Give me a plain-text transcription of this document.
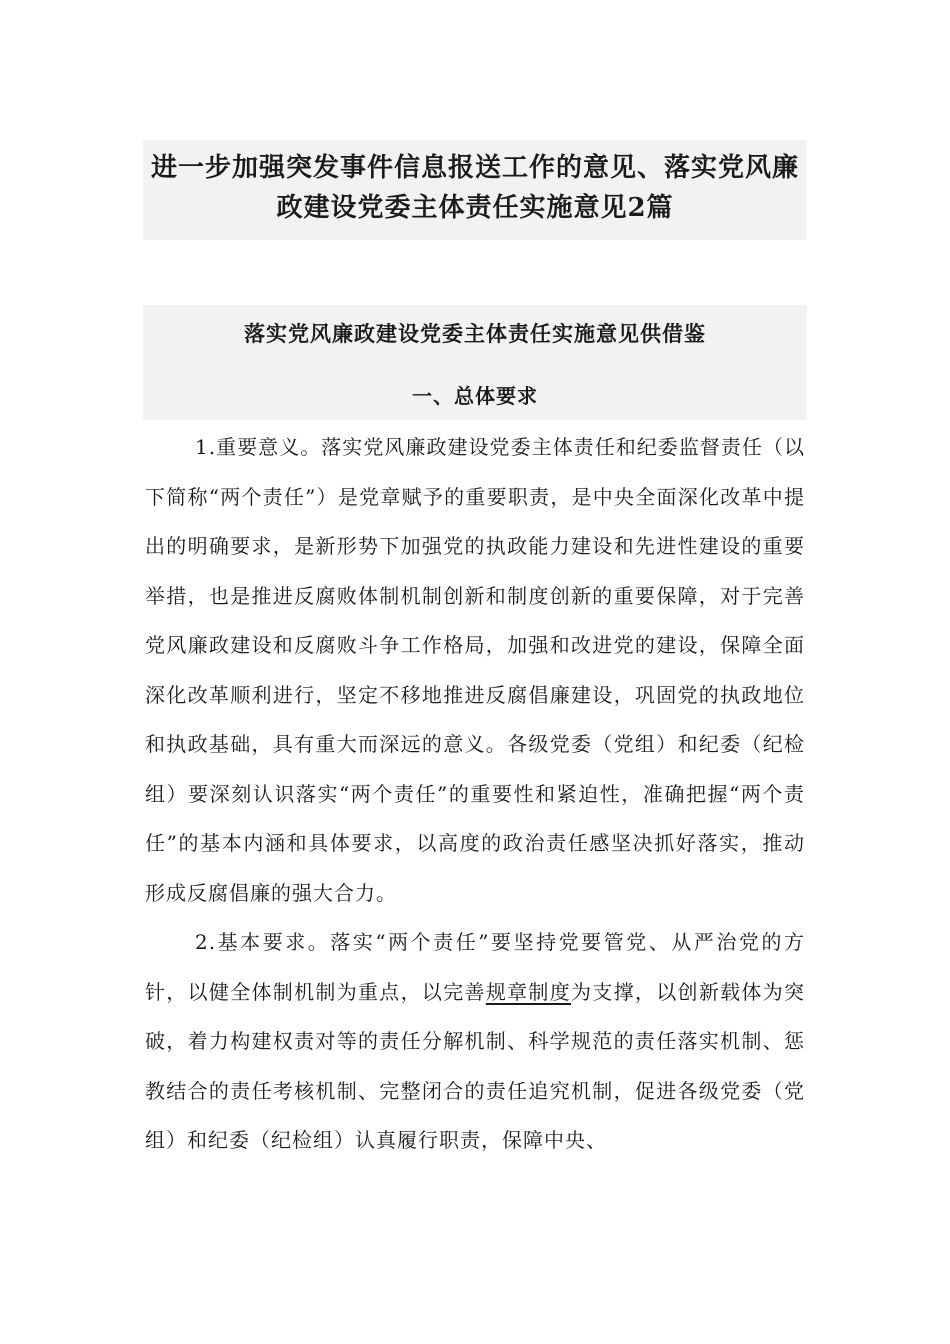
进一步加强突发事件信息报送工作的意见、落实党风廉政建设党委主体责任实施意见2篇
落实党风廉政建设党委主体责任实施意见供借鉴
一、总体要求

1.重要意义。落实党风廉政建设党委主体责任和纪委监督责任（以下简称“两个责任”）是党章赋予的重要职责，是中央全面深化改革中提出的明确要求，是新形势下加强党的执政能力建设和先进性建设的重要举措，也是推进反腐败体制机制创新和制度创新的重要保障，对于完善党风廉政建设和反腐败斗争工作格局，加强和改进党的建设，保障全面深化改革顺利进行，坚定不移地推进反腐倡廉建设，巩固党的执政地位和执政基础，具有重大而深远的意义。各级党委（党组）和纪委（纪检组）要深刻认识落实“两个责任”的重要性和紧迫性，准确把握“两个责任”的基本内涵和具体要求，以高度的政治责任感坚决抓好落实，推动形成反腐倡廉的强大合力。

2.基本要求。落实“两个责任”要坚持党要管党、从严治党的方针，以健全体制机制为重点，以完善规章制度为支撑，以创新载体为突破，着力构建权责对等的责任分解机制、科学规范的责任落实机制、惩教结合的责任考核机制、完整闭合的责任追究机制，促进各级党委（党组）和纪委（纪检组）认真履行职责，保障中央、
